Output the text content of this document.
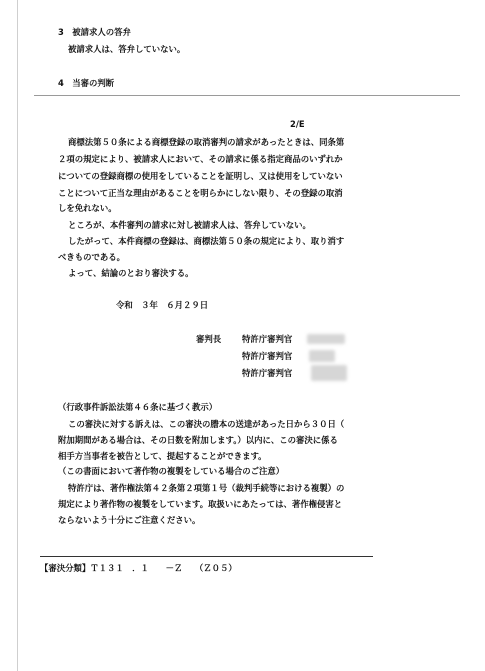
3　被請求人の答弁
被請求人は、答弁していない。
4　当審の判断
2/E
商標法第５０条による商標登録の取消審判の請求があったときは、同条第
２項の規定により、被請求人において、その請求に係る指定商品のいずれか
についての登録商標の使用をしていることを証明し、又は使用をしていない
ことについて正当な理由があることを明らかにしない限り、その登録の取消
しを免れない。
ところが、本件審判の請求に対し被請求人は、答弁していない。
したがって、本件商標の登録は、商標法第５０条の規定により、取り消す
べきものである。
よって、結論のとおり審決する。
令和　３年　６月２９日
審判長 特許庁審判官
特許庁審判官
特許庁審判官
（行政事件訴訟法第４６条に基づく教示）
この審決に対する訴えは、この審決の謄本の送達があった日から３０日（
附加期間がある場合は、その日数を附加します。）以内に、この審決に係る
相手方当事者を被告として、提起することができます。
（この書面において著作物の複製をしている場合のご注意）
特許庁は、著作権法第４２条第２項第１号（裁判手続等における複製）の
規定により著作物の複製をしています。取扱いにあたっては、著作権侵害と
ならないよう十分にご注意ください。
【審決分類】Ｔ１３１　．１　　－Ｚ　　（Ｚ０５）
